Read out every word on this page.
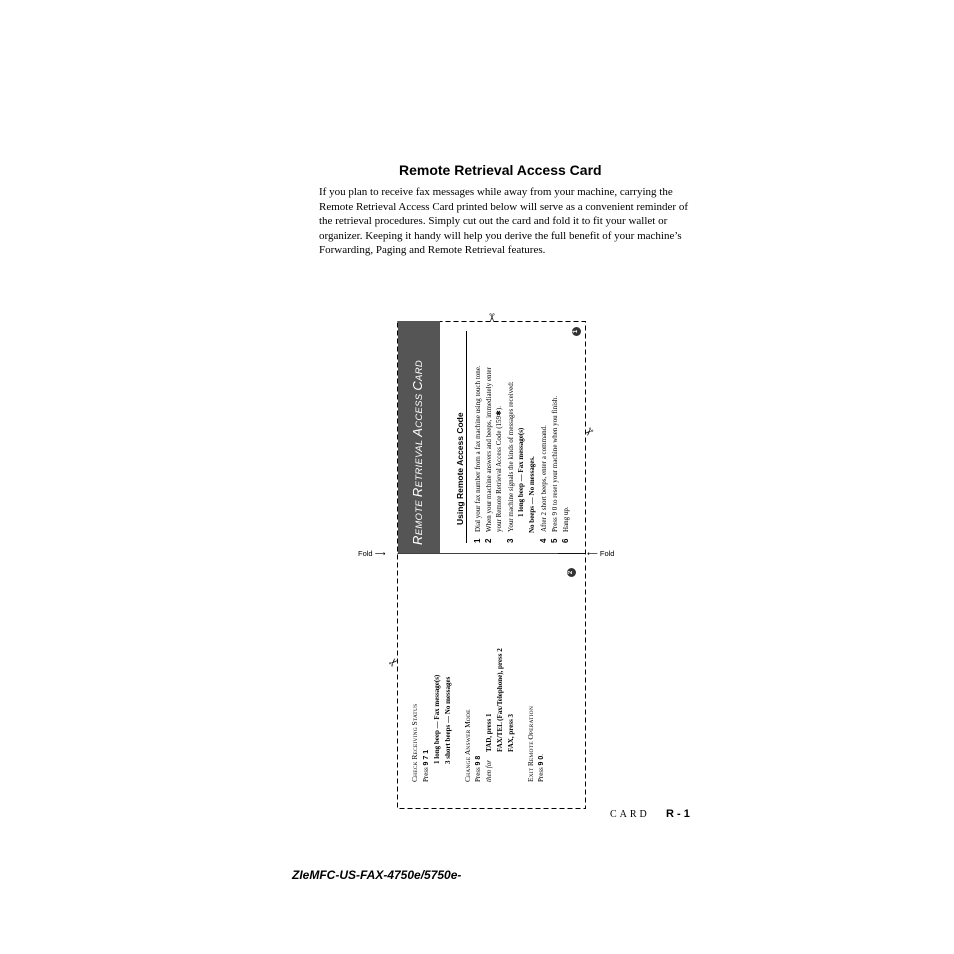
Remote Retrieval Access Card
If you plan to receive fax messages while away from your machine, carrying the Remote Retrieval Access Card printed below will serve as a convenient reminder of the retrieval procedures. Simply cut out the card and fold it to fit your wallet or organizer. Keeping it handy will help you derive the full benefit of your machine’s Forwarding, Paging and Remote Retrieval features.
✂
✂
✂
Fold ⟶	⟵ Fold
REMOTE RETRIEVAL ACCESS CARD
1
Using Remote Access Code
1Dial your fax number from a fax machine using touch tone.
2When your machine answers and beeps, immediately enter your Remote Retrieval Access Code (159✱).
3Your machine signals the kinds of messages received: 1 long beep — Fax message(s) No beeps — No messages.
4After 2 short beeps, enter a command.
5Press 9 0 to reset your machine when you finish.
6Hang up.
2
CHECK RECEIVING STATUS
Press 9 7 1 1 long beep — Fax message(s) 3 short beeps — No messages
CHANGE ANSWER MODE
Press 9 8 then for
TAD, press 1 FAX/TEL (Fax/Telephone), press 2 FAX, press 3
EXIT REMOTE OPERATION
Press 9 0.
CARD R - 1
ZIeMFC-US-FAX-4750e/5750e-
